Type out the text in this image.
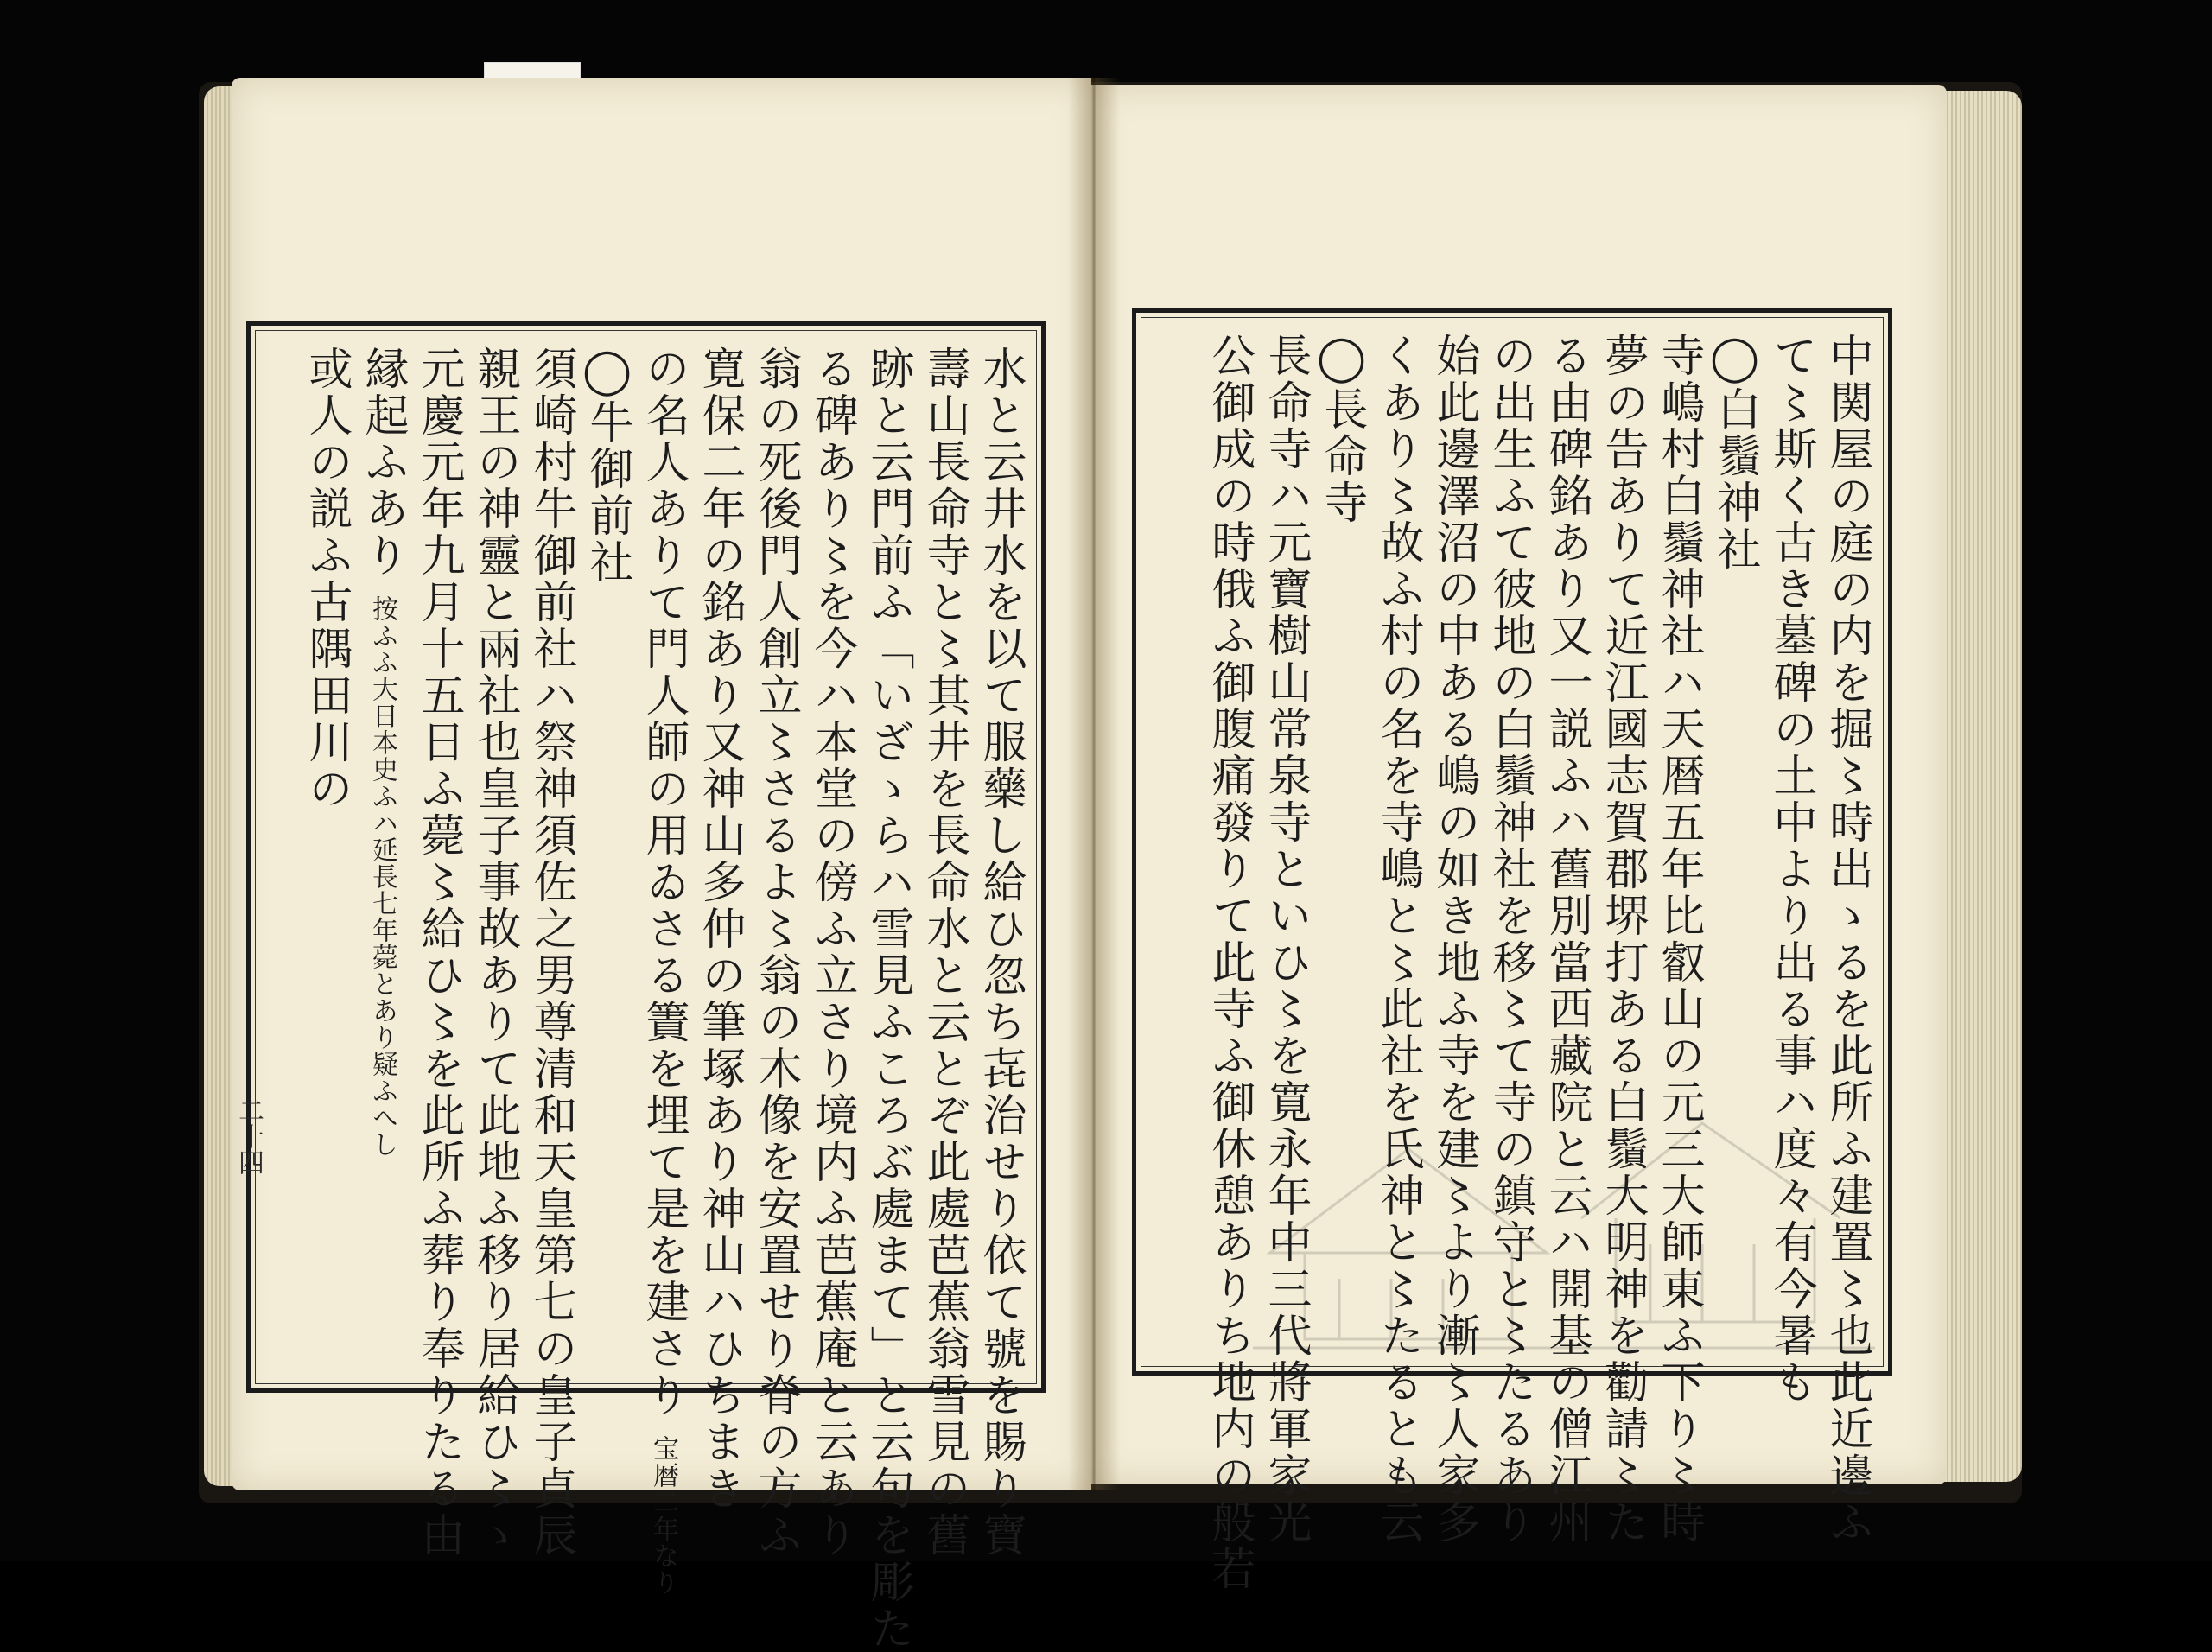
水と云井水を以て服藥し給ひ忽ち㐂治せり依て號を賜り寶
壽山長命寺と〻其井を長命水と云とぞ此處芭蕉翁雪見の舊
跡と云門前ふ「いざゝらハ雪見ふころぶ處まて」と云句を彫た
る碑あり〻を今ハ本堂の傍ふ立さり境内ふ芭蕉庵と云あり
翁の死後門人創立〻さるよ〻翁の木像を安置せり脊の方ふ
寛保二年の銘あり又神山多仲の筆塚あり神山ハひちまき
の名人ありて門人師の用ゐさる簀を埋て是を建さり 宝暦二年なり
◯牛御前社
須崎村牛御前社ハ祭神須佐之男尊清和天皇第七の皇子貞辰
親王の神靈と兩社也皇子事故ありて此地ふ移り居給ひ〻ゝ
元慶元年九月十五日ふ薨〻給ひ〻を此所ふ葬り奉りたる由
縁起ふあり 按ふふ大日本史ふハ延長七年薨とあり疑ふへし
或人の説ふ古隅田川の	中関屋の庭の内を掘〻時出ゝるを此所ふ建置〻也此近邊ふ
て〻斯く古き墓碑の土中より出る事ハ度々有今暑も
◯白鬚神社
寺嶋村白鬚神社ハ天暦五年比叡山の元三大師東ふ下り〻時
夢の告ありて近江國志賀郡堺打ある白鬚大明神を勸請〻た
る由碑銘あり又一説ふハ舊別當西藏院と云ハ開基の僧江州
の出生ふて彼地の白鬚神社を移〻て寺の鎮守と〻たるあり
始此邊澤沼の中ある嶋の如き地ふ寺を建〻より漸〻人家多
くあり〻故ふ村の名を寺嶋と〻此社を氏神と〻たるとも云
◯長命寺
長命寺ハ元寶樹山常泉寺といひ〻を寛永年中三代將軍家光
公御成の時俄ふ御腹痛發りて此寺ふ御休憩ありち地内の般若
二十四
